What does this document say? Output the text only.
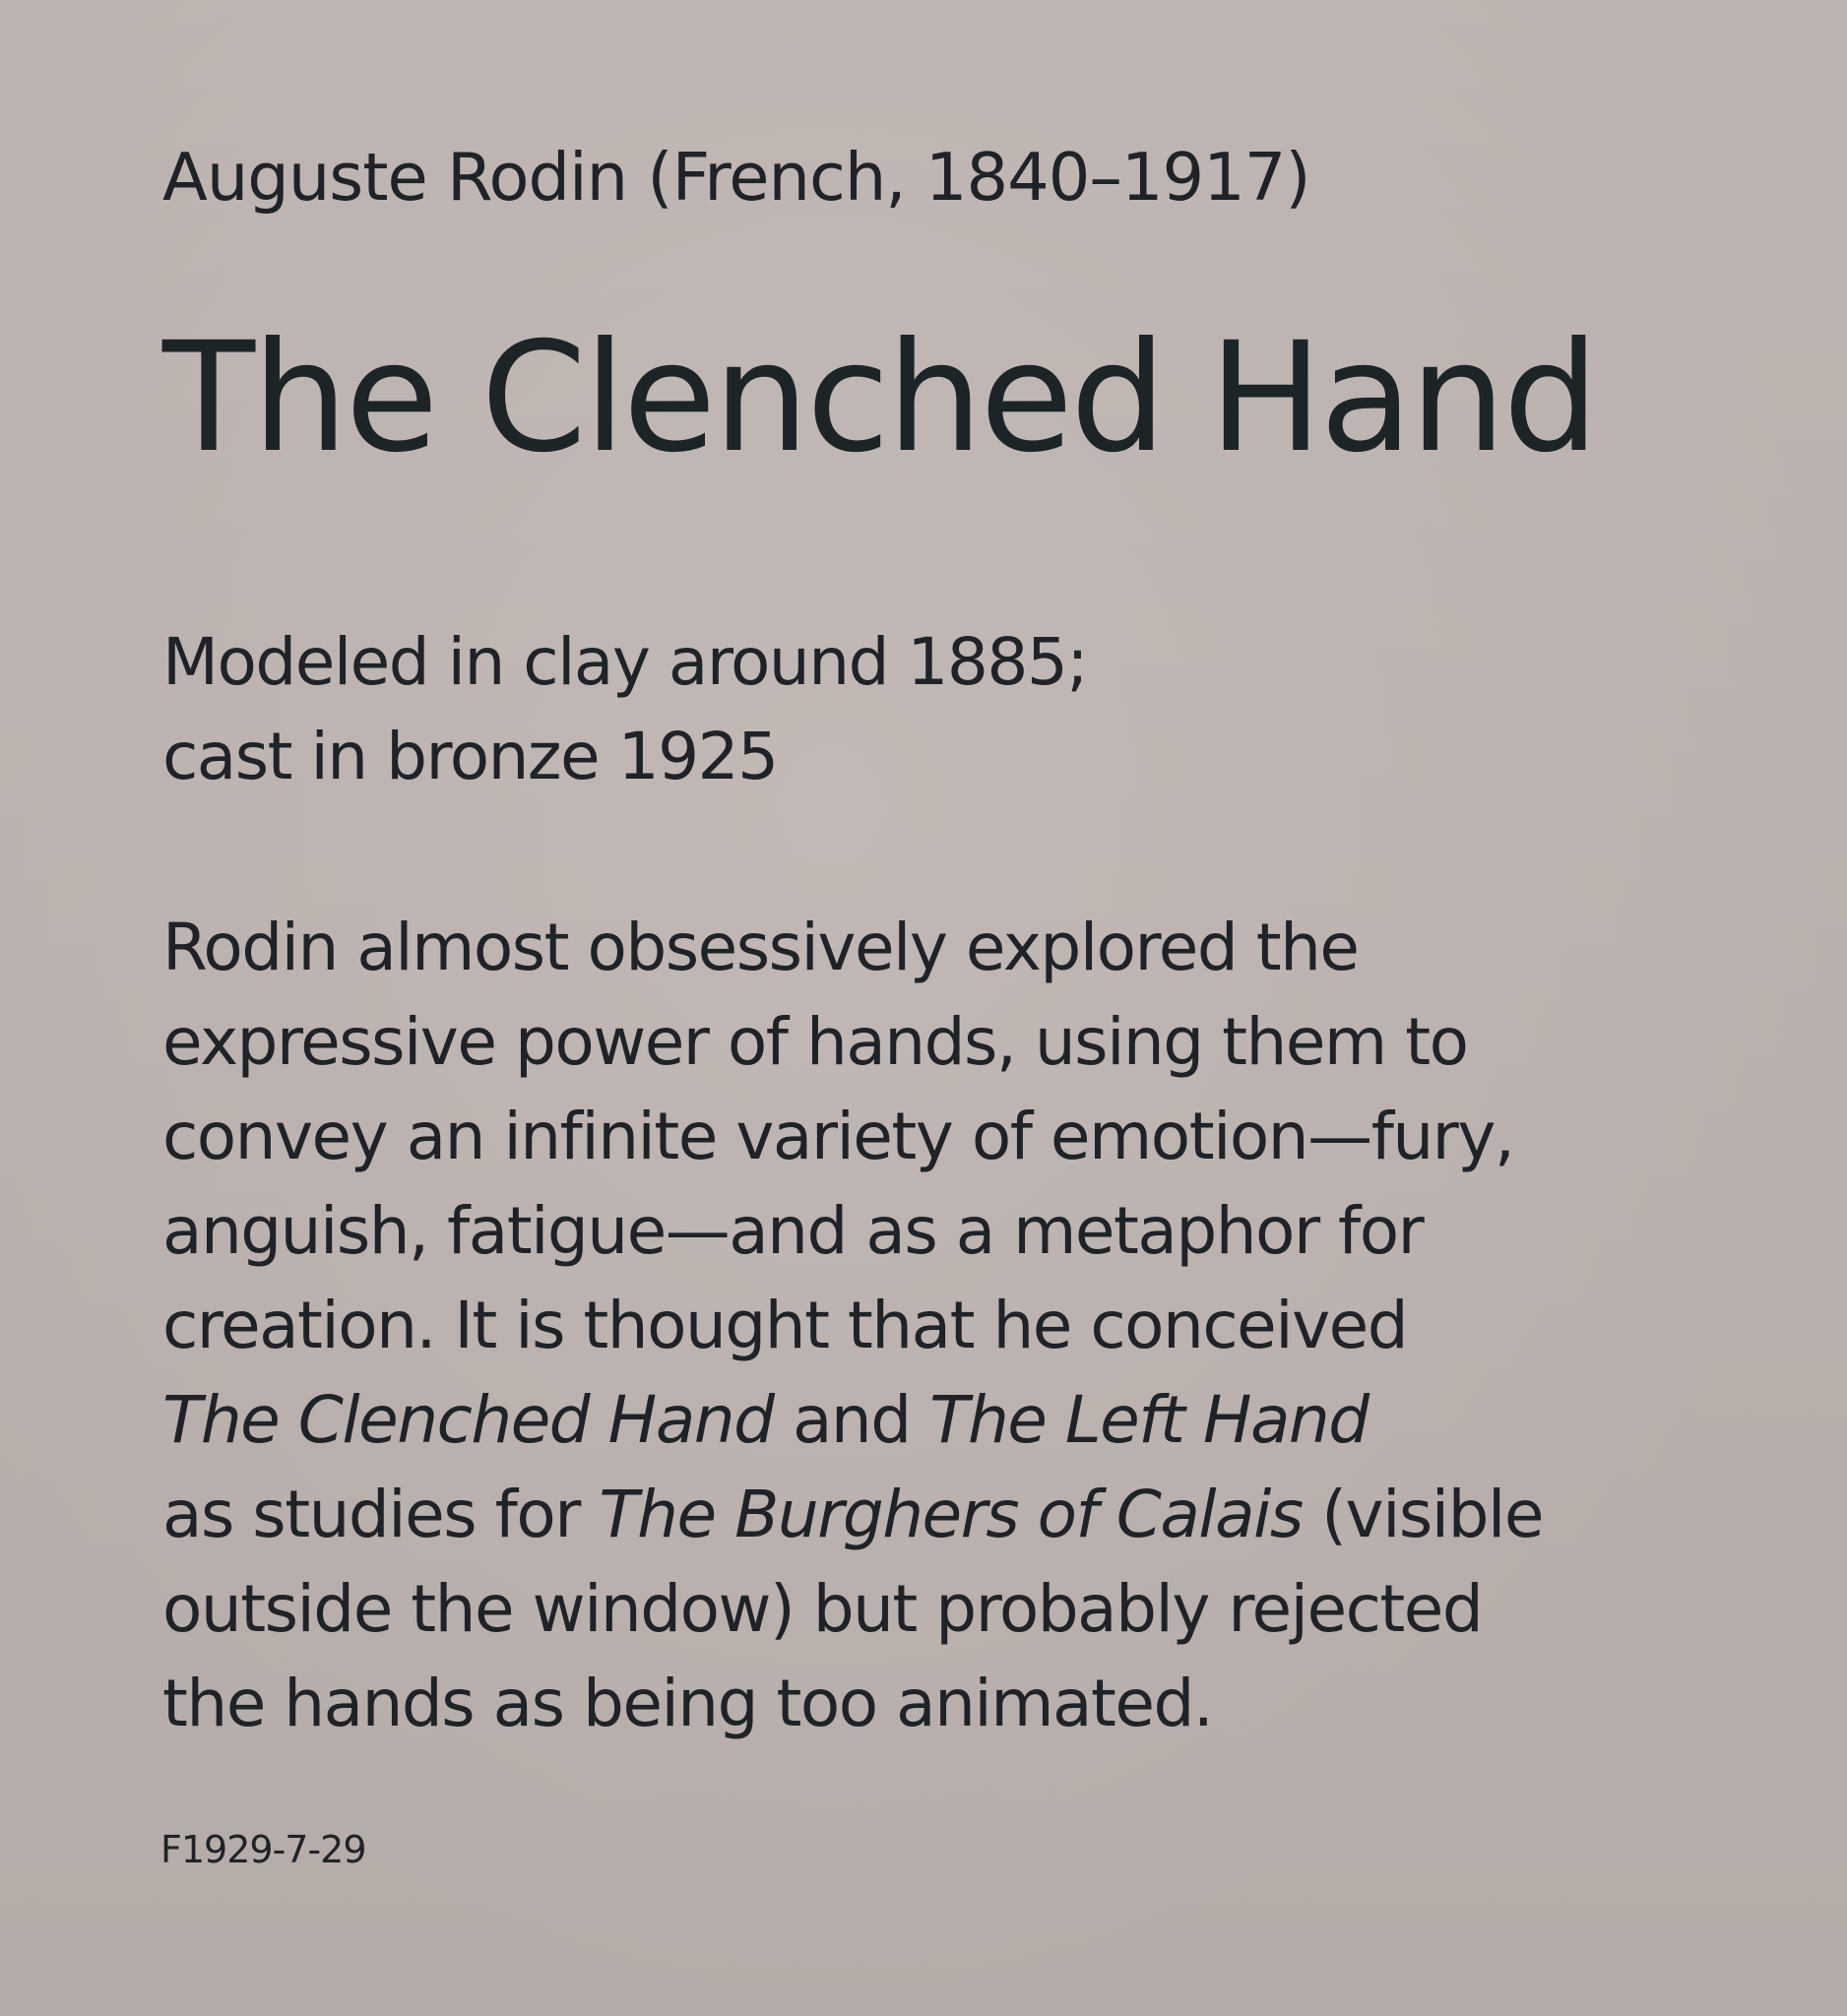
Auguste Rodin (French, 1840–1917)
The Clenched Hand
Modeled in clay around 1885;
cast in bronze 1925
Rodin almost obsessively explored the
expressive power of hands, using them to
convey an infinite variety of emotion—fury,
anguish, fatigue—and as a metaphor for
creation. It is thought that he conceived
The Clenched Hand and The Left Hand
as studies for The Burghers of Calais (visible
outside the window) but probably rejected
the hands as being too animated.
F1929-7-29
